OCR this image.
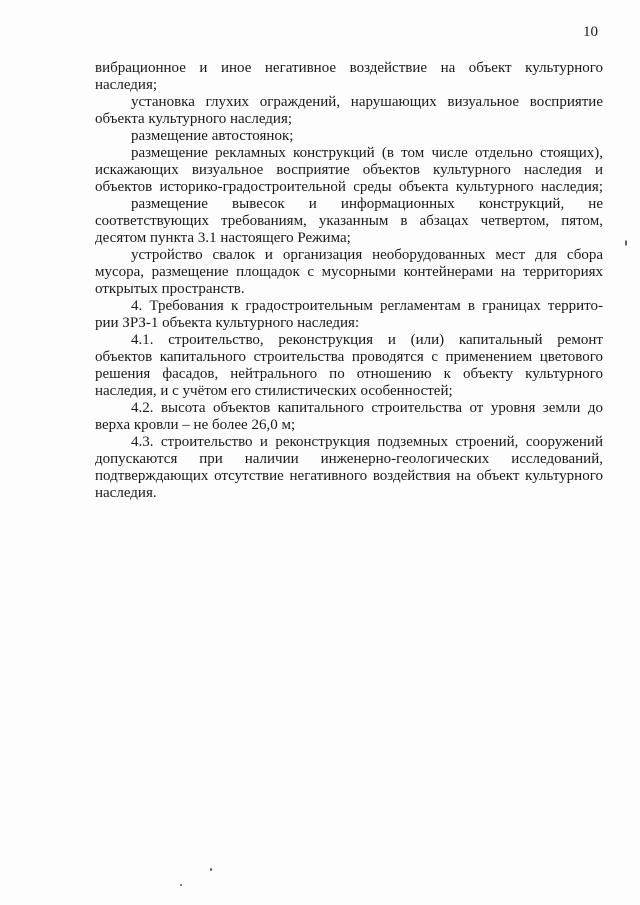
10
вибрационное и иное негативное воздействие на объект культурного
наследия;
установка глухих ограждений, нарушающих визуальное восприятие
объекта культурного наследия;
размещение автостоянок;
размещение рекламных конструкций (в том числе отдельно стоящих),
искажающих визуальное восприятие объектов культурного наследия и
объектов историко-градостроительной среды объекта культурного наследия;
размещение вывесок и информационных конструкций, не
соответствующих требованиям, указанным в абзацах четвертом, пятом,
десятом пункта 3.1 настоящего Режима;
устройство свалок и организация необорудованных мест для сбора
мусора, размещение площадок с мусорными контейнерами на территориях
открытых пространств.
4. Требования к градостроительным регламентам в границах террито-
рии ЗРЗ-1 объекта культурного наследия:
4.1. строительство, реконструкция и (или) капитальный ремонт
объектов капитального строительства проводятся с применением цветового
решения фасадов, нейтрального по отношению к объекту культурного
наследия, и с учётом его стилистических особенностей;
4.2. высота объектов капитального строительства от уровня земли до
верха кровли – не более 26,0 м;
4.3. строительство и реконструкция подземных строений, сооружений
допускаются при наличии инженерно-геологических исследований,
подтверждающих отсутствие негативного воздействия на объект культурного
наследия.
